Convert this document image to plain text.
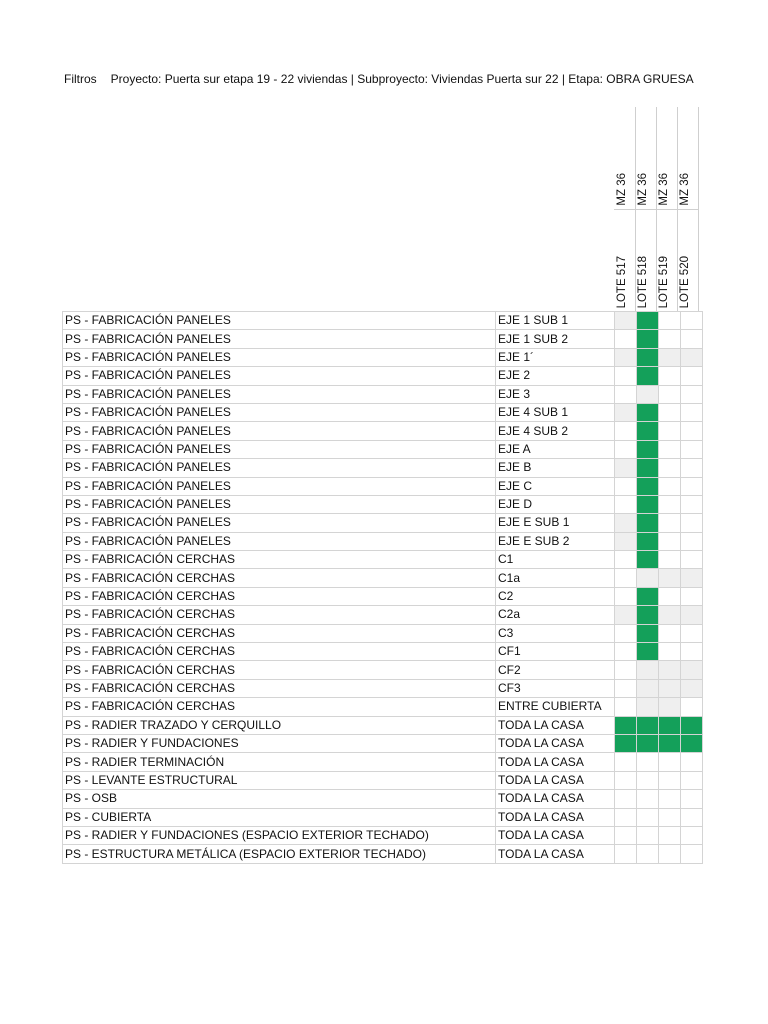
Filtros Proyecto: Puerta sur etapa 19 - 22 viviendas | Subproyecto: Viviendas Puerta sur 22 | Etapa: OBRA GRUESA
MZ 36
LOTE 517
MZ 36
LOTE 518
MZ 36
LOTE 519
MZ 36
LOTE 520
PS - FABRICACIÓN PANELES	EJE 1 SUB 1				
PS - FABRICACIÓN PANELES	EJE 1 SUB 2				
PS - FABRICACIÓN PANELES	EJE 1´				
PS - FABRICACIÓN PANELES	EJE 2				
PS - FABRICACIÓN PANELES	EJE 3				
PS - FABRICACIÓN PANELES	EJE 4 SUB 1				
PS - FABRICACIÓN PANELES	EJE 4 SUB 2				
PS - FABRICACIÓN PANELES	EJE A				
PS - FABRICACIÓN PANELES	EJE B				
PS - FABRICACIÓN PANELES	EJE C				
PS - FABRICACIÓN PANELES	EJE D				
PS - FABRICACIÓN PANELES	EJE E SUB 1				
PS - FABRICACIÓN PANELES	EJE E SUB 2				
PS - FABRICACIÓN CERCHAS	C1				
PS - FABRICACIÓN CERCHAS	C1a				
PS - FABRICACIÓN CERCHAS	C2				
PS - FABRICACIÓN CERCHAS	C2a				
PS - FABRICACIÓN CERCHAS	C3				
PS - FABRICACIÓN CERCHAS	CF1				
PS - FABRICACIÓN CERCHAS	CF2				
PS - FABRICACIÓN CERCHAS	CF3				
PS - FABRICACIÓN CERCHAS	ENTRE CUBIERTA				
PS - RADIER TRAZADO Y CERQUILLO	TODA LA CASA				
PS - RADIER Y FUNDACIONES	TODA LA CASA				
PS - RADIER TERMINACIÓN	TODA LA CASA				
PS - LEVANTE ESTRUCTURAL	TODA LA CASA				
PS - OSB	TODA LA CASA				
PS - CUBIERTA	TODA LA CASA				
PS - RADIER Y FUNDACIONES (ESPACIO EXTERIOR TECHADO)	TODA LA CASA				
PS - ESTRUCTURA METÁLICA (ESPACIO EXTERIOR TECHADO)	TODA LA CASA				
